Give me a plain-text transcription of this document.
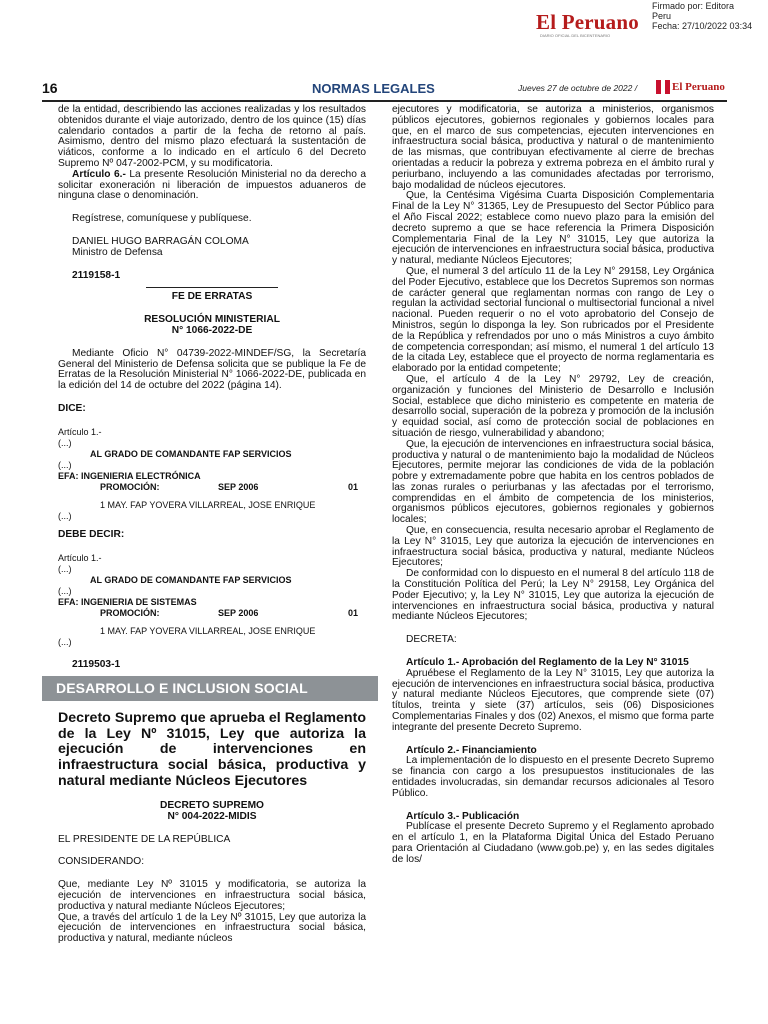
El Peruano
DIARIO OFICIAL DEL BICENTENARIO
Firmado por: Editora
Peru
Fecha: 27/10/2022 03:34
16	NORMAS LEGALES	Jueves 27 de octubre de 2022 /	El Peruano

de la entidad, describiendo las acciones realizadas y los resultados obtenidos durante el viaje autorizado, dentro de los quince (15) días calendario contados a partir de la fecha de retorno al país. Asimismo, dentro del mismo plazo efectuará la sustentación de viáticos, conforme a lo indicado en el artículo 6 del Decreto Supremo Nº 047-2002-PCM, y su modificatoria.

Artículo 6.- La presente Resolución Ministerial no da derecho a solicitar exoneración ni liberación de impuestos aduaneros de ninguna clase o denominación.

Regístrese, comuníquese y publíquese.

DANIEL HUGO BARRAGÁN COLOMA

Ministro de Defensa

2119158-1

FE DE ERRATAS

RESOLUCIÓN MINISTERIAL

N° 1066-2022-DE

Mediante Oficio N° 04739-2022-MINDEF/SG, la Secretaría General del Ministerio de Defensa solicita que se publique la Fe de Erratas de la Resolución Ministerial N° 1066-2022-DE, publicada en la edición del 14 de octubre del 2022 (página 14).

DICE:

Artículo 1.-
(...)
AL GRADO DE COMANDANTE FAP SERVICIOS
(...)
EFA: INGENIERIA ELECTRÓNICA
PROMOCIÓN:	SEP 2006	01
1 MAY. FAP YOVERA VILLARREAL, JOSE ENRIQUE
(...)

DEBE DECIR:

Artículo 1.-
(...)
AL GRADO DE COMANDANTE FAP SERVICIOS
(...)
EFA: INGENIERIA DE SISTEMAS
PROMOCIÓN:	SEP 2006	01
1 MAY. FAP YOVERA VILLARREAL, JOSE ENRIQUE
(...)

2119503-1

DESARROLLO E INCLUSION SOCIAL

Decreto Supremo que aprueba el Reglamento de la Ley Nº 31015, Ley que autoriza la ejecución de intervenciones en infraestructura social básica, productiva y natural mediante Núcleos Ejecutores

DECRETO SUPREMO

N° 004-2022-MIDIS

EL PRESIDENTE DE LA REPÚBLICA

CONSIDERANDO:

Que, mediante Ley Nº 31015 y modificatoria, se autoriza la ejecución de intervenciones en infraestructura social básica, productiva y natural mediante Núcleos Ejecutores;

Que, a través del artículo 1 de la Ley Nº 31015, Ley que autoriza la ejecución de intervenciones en infraestructura social básica, productiva y natural, mediante núcleos

ejecutores y modificatoria, se autoriza a ministerios, organismos públicos ejecutores, gobiernos regionales y gobiernos locales para que, en el marco de sus competencias, ejecuten intervenciones en infraestructura social básica, productiva y natural o de mantenimiento de las mismas, que contribuyan efectivamente al cierre de brechas orientadas a reducir la pobreza y extrema pobreza en el ámbito rural y periurbano, incluyendo a las comunidades afectadas por terrorismo, bajo modalidad de núcleos ejecutores.

Que, la Centésima Vigésima Cuarta Disposición Complementaria Final de la Ley N° 31365, Ley de Presupuesto del Sector Público para el Año Fiscal 2022; establece como nuevo plazo para la emisión del decreto supremo a que se hace referencia la Primera Disposición Complementaria Final de la Ley N° 31015, Ley que autoriza la ejecución de intervenciones en infraestructura social básica, productiva y natural, mediante Núcleos Ejecutores;

Que, el numeral 3 del artículo 11 de la Ley N° 29158, Ley Orgánica del Poder Ejecutivo, establece que los Decretos Supremos son normas de carácter general que reglamentan normas con rango de Ley o regulan la actividad sectorial funcional o multisectorial funcional a nivel nacional. Pueden requerir o no el voto aprobatorio del Consejo de Ministros, según lo disponga la ley. Son rubricados por el Presidente de la República y refrendados por uno o más Ministros a cuyo ámbito de competencia correspondan; así mismo, el numeral 1 del artículo 13 de la citada Ley, establece que el proyecto de norma reglamentaria es elaborado por la entidad competente;

Que, el artículo 4 de la Ley N° 29792, Ley de creación, organización y funciones del Ministerio de Desarrollo e Inclusión Social, establece que dicho ministerio es competente en materia de desarrollo social, superación de la pobreza y promoción de la inclusión y equidad social, así como de protección social de poblaciones en situación de riesgo, vulnerabilidad y abandono;

Que, la ejecución de intervenciones en infraestructura social básica, productiva y natural o de mantenimiento bajo la modalidad de Núcleos Ejecutores, permite mejorar las condiciones de vida de la población pobre y extremadamente pobre que habita en los centros poblados de las zonas rurales o periurbanas y las afectadas por el terrorismo, comprendidas en el ámbito de competencia de los ministerios, organismos públicos ejecutores, gobiernos regionales y gobiernos locales;

Que, en consecuencia, resulta necesario aprobar el Reglamento de la Ley N° 31015, Ley que autoriza la ejecución de intervenciones en infraestructura social básica, productiva y natural, mediante Núcleos Ejecutores;

De conformidad con lo dispuesto en el numeral 8 del artículo 118 de la Constitución Política del Perú; la Ley N° 29158, Ley Orgánica del Poder Ejecutivo; y, la Ley N° 31015, Ley que autoriza la ejecución de intervenciones en infraestructura social básica, productiva y natural mediante Núcleos Ejecutores;

DECRETA:

Artículo 1.- Aprobación del Reglamento de la Ley N° 31015

Apruébese el Reglamento de la Ley N° 31015, Ley que autoriza la ejecución de intervenciones en infraestructura social básica, productiva y natural mediante Núcleos Ejecutores, que comprende siete (07) títulos, treinta y siete (37) artículos, seis (06) Disposiciones Complementarias Finales y dos (02) Anexos, el mismo que forma parte integrante del presente Decreto Supremo.

Artículo 2.- Financiamiento

La implementación de lo dispuesto en el presente Decreto Supremo se financia con cargo a los presupuestos institucionales de las entidades involucradas, sin demandar recursos adicionales al Tesoro Público.

Artículo 3.- Publicación

Publícase el presente Decreto Supremo y el Reglamento aprobado en el artículo 1, en la Plataforma Digital Única del Estado Peruano para Orientación al Ciudadano (www.gob.pe) y, en las sedes digitales de los/
